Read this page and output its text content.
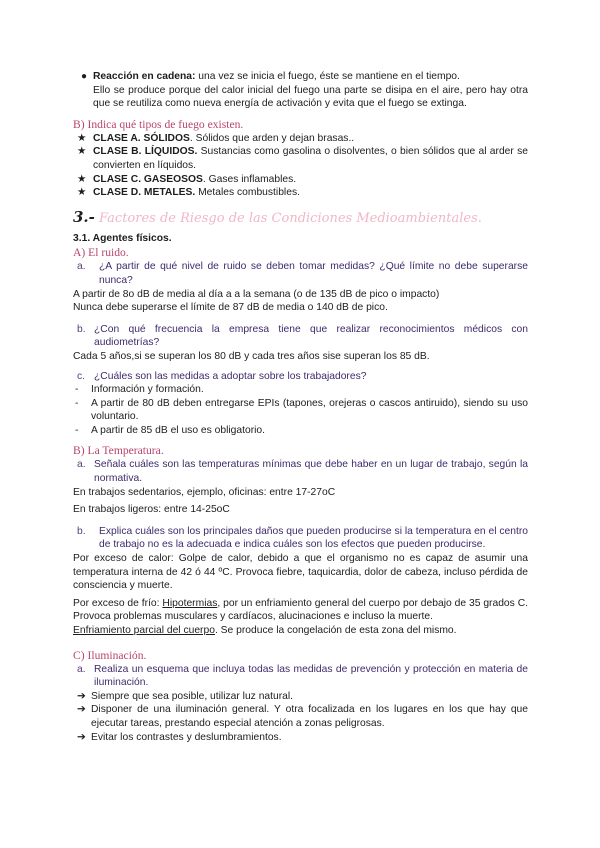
● Reacción en cadena: una vez se inicia el fuego, éste se mantiene en el tiempo.

Ello se produce porque del calor inicial del fuego una parte se disipa en el aire, pero hay otra que se reutiliza como nueva energía de activación y evita que el fuego se extinga.

B) Indica qué tipos de fuego existen.

★ CLASE A. SÓLIDOS. Sólidos que arden y dejan brasas..
★ CLASE B. LÍQUIDOS. Sustancias como gasolina o disolventes, o bien sólidos que al arder se convierten en líquidos.
★ CLASE C. GASEOSOS. Gases inflamables.
★ CLASE D. METALES. Metales combustibles.

3.- Factores de Riesgo de las Condiciones Medioambientales.

3.1. Agentes físicos.

A) El ruido.

a.	¿A partir de qué nivel de ruido se deben tomar medidas? ¿Qué límite no debe superarse nunca?

A partir de 8o dB de media al día a a la semana (o de 135 dB de pico o impacto)

Nunca debe superarse el límite de 87 dB de media o 140 dB de pico.

b. ¿Con qué frecuencia la empresa tiene que realizar reconocimientos médicos con audiometrías?

Cada 5 años,si se superan los 80 dB y cada tres años sise superan los 85 dB.

c. ¿Cuáles son las medidas a adoptar sobre los trabajadores?

- Información y formación.

- A partir de 80 dB deben entregarse EPIs (tapones, orejeras o cascos antiruido), siendo su uso voluntario.

- A partir de 85 dB el uso es obligatorio.

B) La Temperatura.

a. Señala cuáles son las temperaturas mínimas que debe haber en un lugar de trabajo, según la normativa.

En trabajos sedentarios, ejemplo, oficinas: entre 17-27oC

En trabajos ligeros: entre 14-25oC

b.	Explica cuáles son los principales daños que pueden producirse si la temperatura en el centro de trabajo no es la adecuada e indica cuáles son los efectos que pueden producirse.

Por exceso de calor: Golpe de calor, debido a que el organismo no es capaz de asumir una temperatura interna de 42 ó 44 ºC. Provoca fiebre, taquicardia, dolor de cabeza, incluso pérdida de consciencia y muerte.

Por exceso de frío: Hipotermias, por un enfriamiento general del cuerpo por debajo de 35 grados C. Provoca problemas musculares y cardíacos, alucinaciones e incluso la muerte.

Enfriamiento parcial del cuerpo. Se produce la congelación de esta zona del mismo.

C) Iluminación.

a. Realiza un esquema que incluya todas las medidas de prevención y protección en materia de iluminación.

➔ Siempre que sea posible, utilizar luz natural.

➔ Disponer de una iluminación general. Y otra focalizada en los lugares en los que hay que ejecutar tareas, prestando especial atención a zonas peligrosas.

➔ Evitar los contrastes y deslumbramientos.
